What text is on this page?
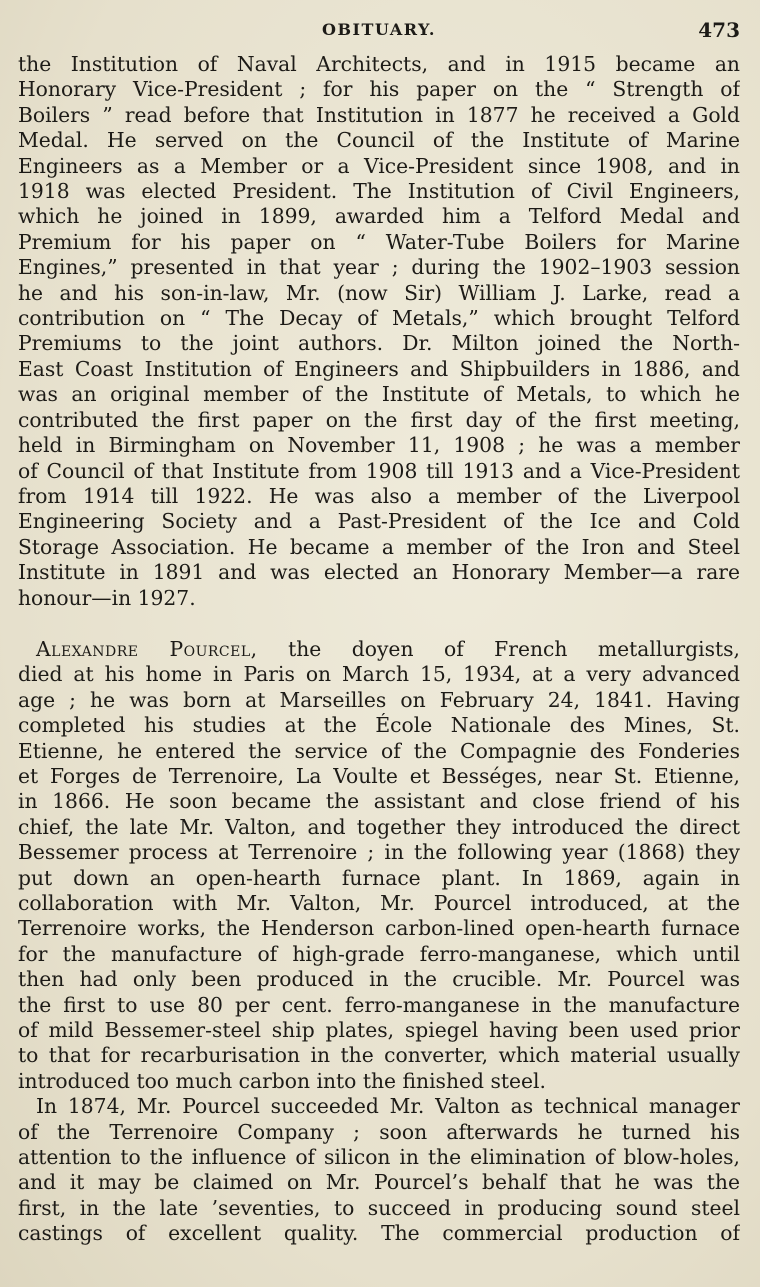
OBITUARY.	473

the Institution of Naval Architects, and in 1915 became an
Honorary Vice-President ; for his paper on the “ Strength of
Boilers ” read before that Institution in 1877 he received a Gold
Medal. He served on the Council of the Institute of Marine
Engineers as a Member or a Vice-President since 1908, and in
1918 was elected President. The Institution of Civil Engineers,
which he joined in 1899, awarded him a Telford Medal and
Premium for his paper on “ Water-Tube Boilers for Marine
Engines,” presented in that year ; during the 1902–1903 session
he and his son-in-law, Mr. (now Sir) William J. Larke, read a
contribution on “ The Decay of Metals,” which brought Telford
Premiums to the joint authors. Dr. Milton joined the North-
East Coast Institution of Engineers and Shipbuilders in 1886, and
was an original member of the Institute of Metals, to which he
contributed the first paper on the first day of the first meeting,
held in Birmingham on November 11, 1908 ; he was a member
of Council of that Institute from 1908 till 1913 and a Vice-President
from 1914 till 1922. He was also a member of the Liverpool
Engineering Society and a Past-President of the Ice and Cold
Storage Association. He became a member of the Iron and Steel
Institute in 1891 and was elected an Honorary Member—a rare
honour—in 1927.

Alexandre Pourcel, the doyen of French metallurgists,
died at his home in Paris on March 15, 1934, at a very advanced
age ; he was born at Marseilles on February 24, 1841. Having
completed his studies at the École Nationale des Mines, St.
Etienne, he entered the service of the Compagnie des Fonderies
et Forges de Terrenoire, La Voulte et Bességes, near St. Etienne,
in 1866. He soon became the assistant and close friend of his
chief, the late Mr. Valton, and together they introduced the direct
Bessemer process at Terrenoire ; in the following year (1868) they
put down an open-hearth furnace plant. In 1869, again in
collaboration with Mr. Valton, Mr. Pourcel introduced, at the
Terrenoire works, the Henderson carbon-lined open-hearth furnace
for the manufacture of high-grade ferro-manganese, which until
then had only been produced in the crucible. Mr. Pourcel was
the first to use 80 per cent. ferro-manganese in the manufacture
of mild Bessemer-steel ship plates, spiegel having been used prior
to that for recarburisation in the converter, which material usually
introduced too much carbon into the finished steel.

In 1874, Mr. Pourcel succeeded Mr. Valton as technical manager
of the Terrenoire Company ; soon afterwards he turned his
attention to the influence of silicon in the elimination of blow-holes,
and it may be claimed on Mr. Pourcel’s behalf that he was the
first, in the late ’seventies, to succeed in producing sound steel
castings of excellent quality. The commercial production of
